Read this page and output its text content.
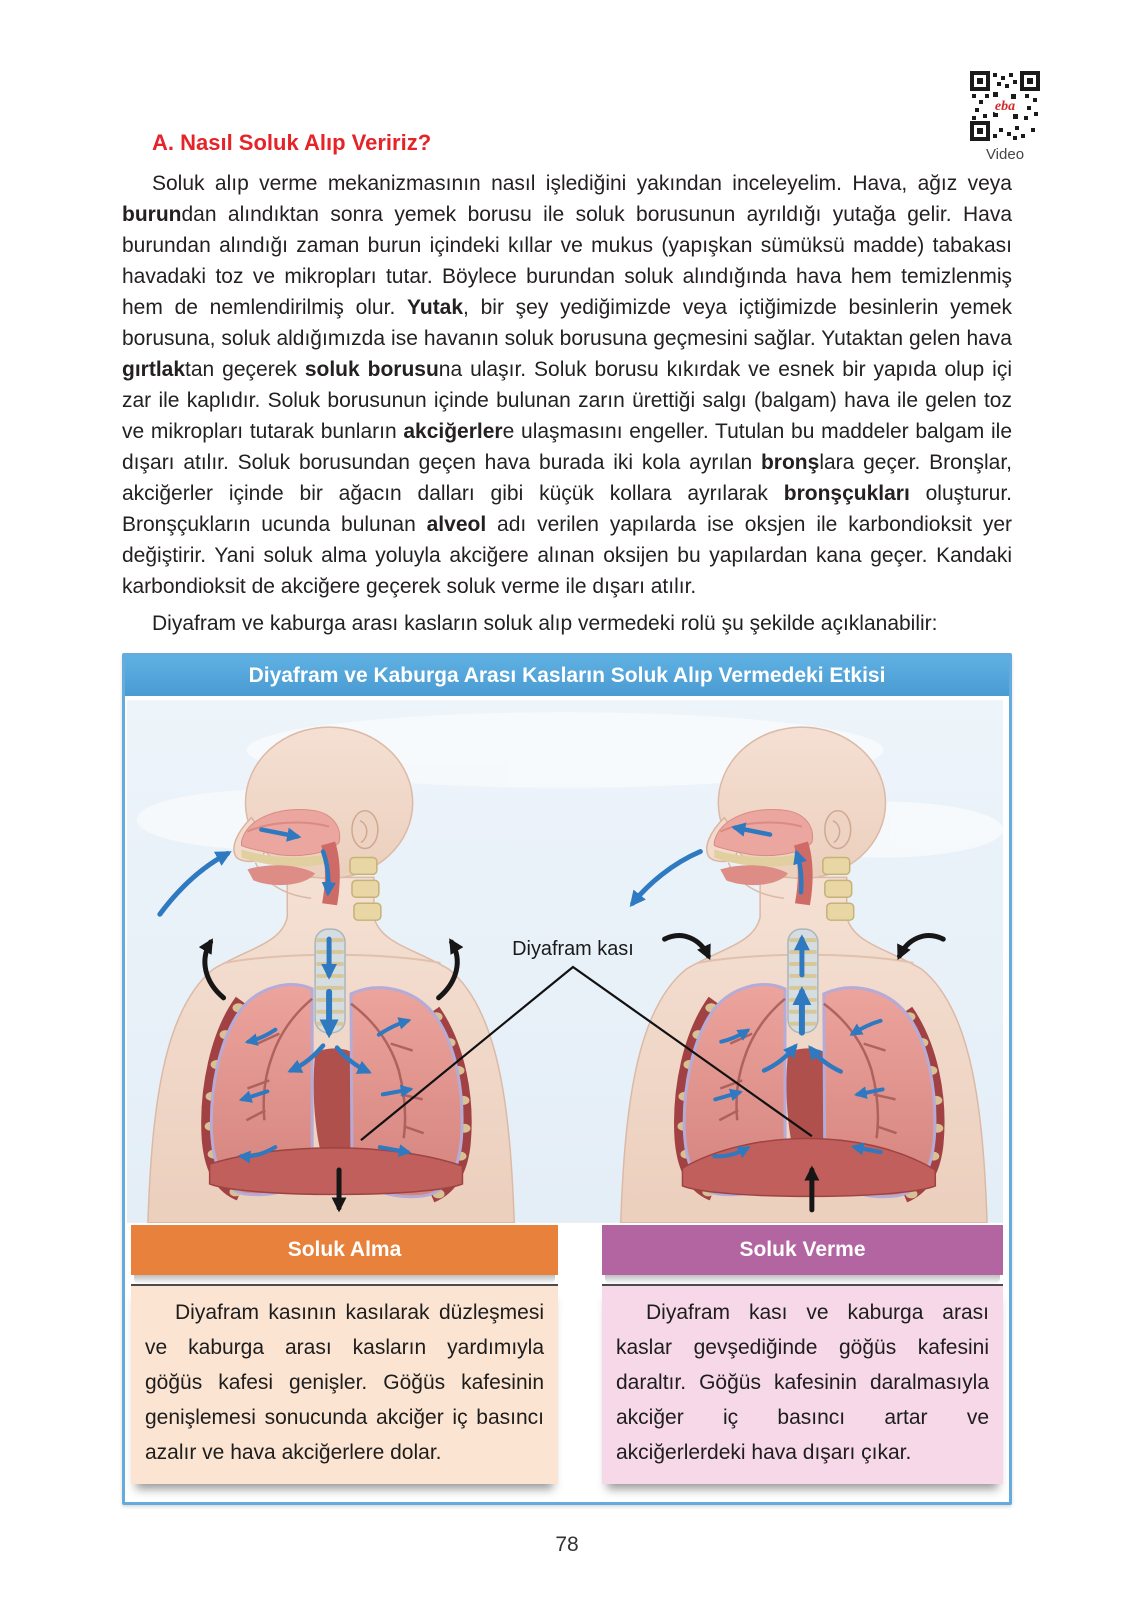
eba
Video
A. Nasıl Soluk Alıp Veririz?

Soluk alıp verme mekanizmasının nasıl işlediğini yakından inceleyelim. Hava, ağız veya burundan alındıktan sonra yemek borusu ile soluk borusunun ayrıldığı yutağa gelir. Hava burundan alındığı zaman burun içindeki kıllar ve mukus (yapışkan sümüksü madde) tabakası havadaki toz ve mikropları tutar. Böylece burundan soluk alındığında hava hem temizlenmiş hem de nemlendirilmiş olur. Yutak, bir şey yediğimizde veya içtiğimizde besinlerin yemek borusuna, soluk aldığımızda ise havanın soluk borusuna geçmesini sağlar. Yutaktan gelen hava gırtlaktan geçerek soluk borusuna ulaşır. Soluk borusu kıkırdak ve esnek bir yapıda olup içi zar ile kaplıdır. Soluk borusunun içinde bulunan zarın ürettiği salgı (balgam) hava ile gelen toz ve mikropları tutarak bunların akciğerlere ulaşmasını engeller. Tutulan bu maddeler balgam ile dışarı atılır. Soluk borusundan geçen hava burada iki kola ayrılan bronşlara geçer. Bronşlar, akciğerler içinde bir ağacın dalları gibi küçük kollara ayrılarak bronşçukları oluşturur. Bronşçukların ucunda bulunan alveol adı verilen yapılarda ise oksjen ile karbondioksit yer değiştirir. Yani soluk alma yoluyla akciğere alınan oksijen bu yapılardan kana geçer. Kandaki karbondioksit de akciğere geçerek soluk verme ile dışarı atılır.

Diyafram ve kaburga arası kasların soluk alıp vermedeki rolü şu şekilde açıklanabilir:

Diyafram ve Kaburga Arası Kasların Soluk Alıp Vermedeki Etkisi
Diyafram kası
Soluk Alma
Diyafram kasının kasılarak düzleşmesi ve kaburga arası kasların yardımıyla göğüs kafesi genişler. Göğüs kafesinin genişlemesi sonucunda akciğer iç basıncı azalır ve hava akciğerlere dolar.
Soluk Verme
Diyafram kası ve kaburga arası kaslar gevşediğinde göğüs kafesini daraltır. Göğüs kafesinin daralmasıyla akciğer iç basıncı artar ve akciğerlerdeki hava dışarı çıkar.
78
